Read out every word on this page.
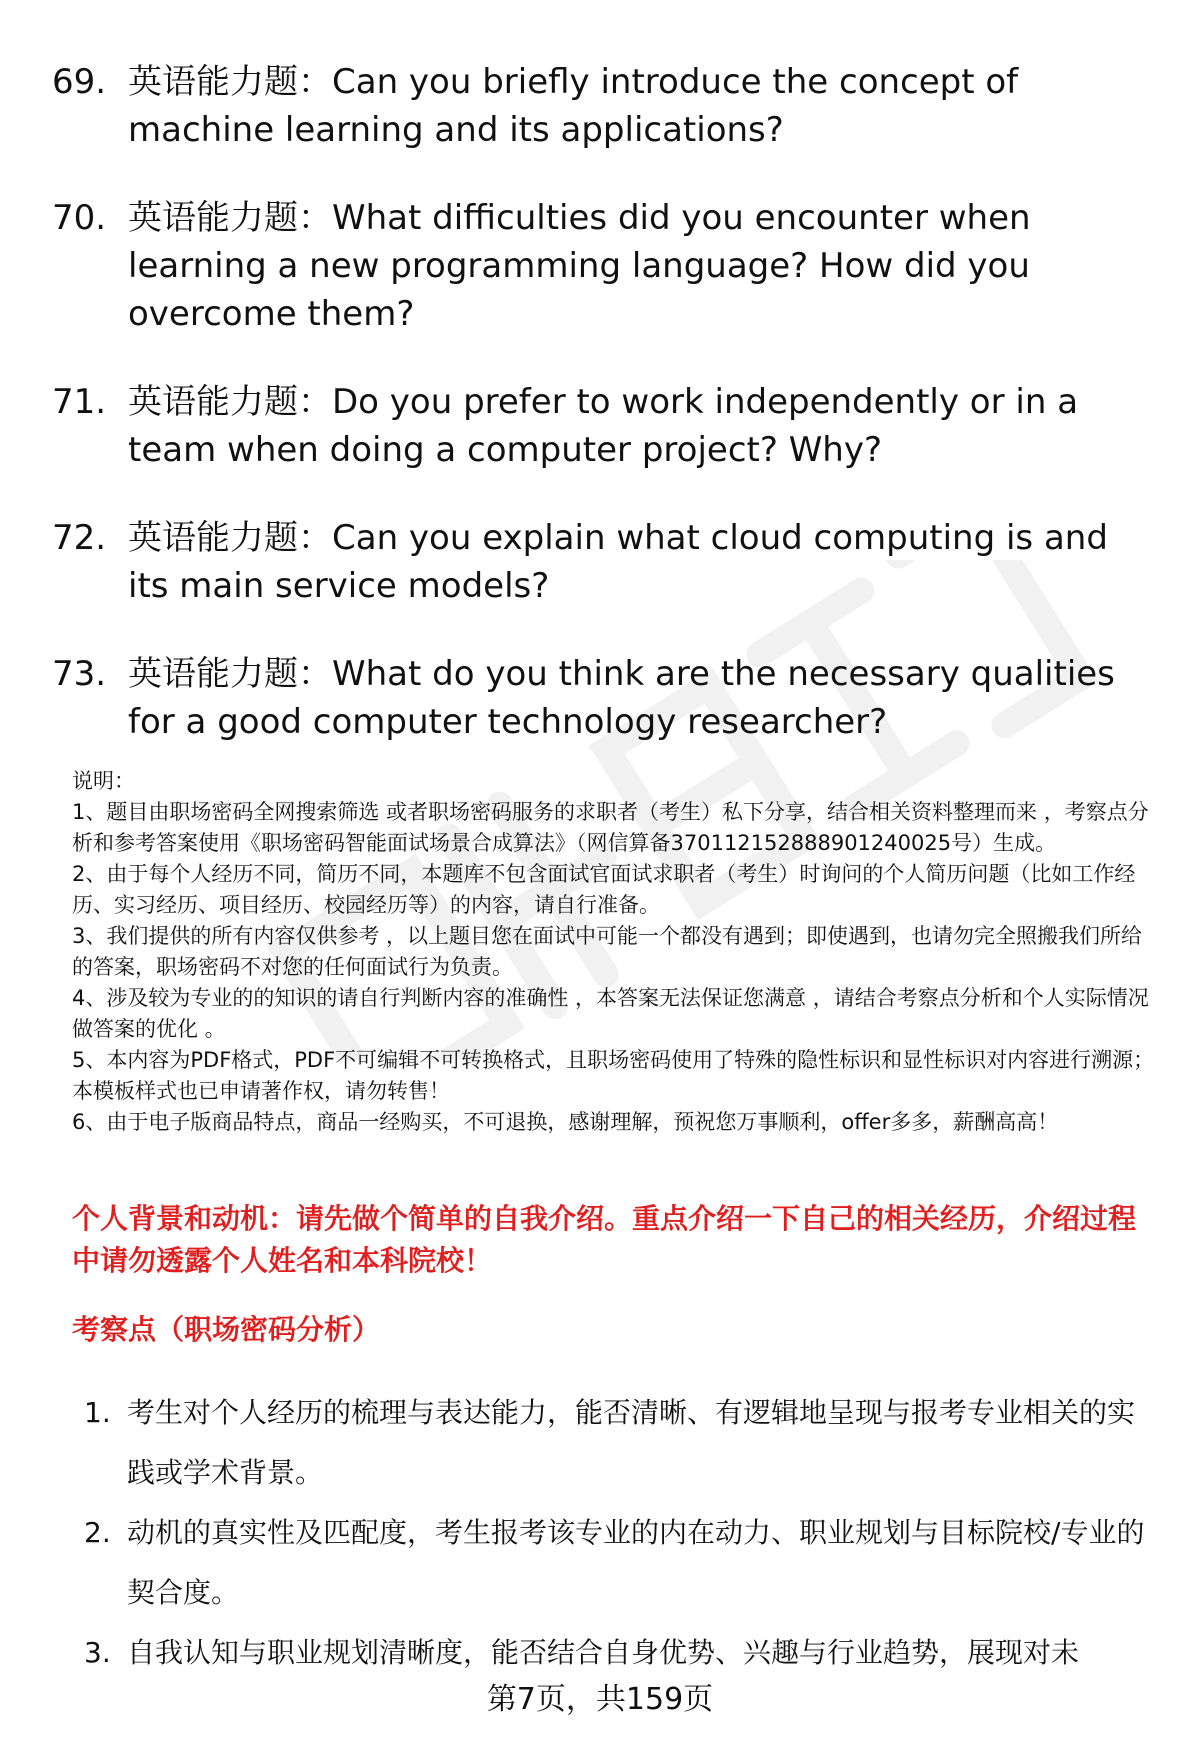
69. 英语能力题：Can you briefly introduce the concept of machine learning and its applications?
70. 英语能力题：What difficulties did you encounter when learning a new programming language? How did you overcome them?
71. 英语能力题：Do you prefer to work independently or in a team when doing a computer project? Why?
72. 英语能力题：Can you explain what cloud computing is and its main service models?
73. 英语能力题：What do you think are the necessary qualities for a good computer technology researcher?

说明：

1、题目由职场密码全网搜索筛选 或者职场密码服务的求职者（考生）私下分享，结合相关资料整理而来 ，考察点分析和参考答案使用《职场密码智能面试场景合成算法》（网信算备370112152888901240025号）生成。

2、由于每个人经历不同，简历不同，本题库不包含面试官面试求职者（考生）时询问的个人简历问题（比如工作经历、实习经历、项目经历、校园经历等）的内容，请自行准备。

3、我们提供的所有内容仅供参考 ，以上题目您在面试中可能一个都没有遇到；即使遇到，也请勿完全照搬我们所给的答案，职场密码不对您的任何面试行为负责。

4、涉及较为专业的的知识的请自行判断内容的准确性 ，本答案无法保证您满意 ，请结合考察点分析和个人实际情况做答案的优化 。

5、本内容为PDF格式，PDF不可编辑不可转换格式，且职场密码使用了特殊的隐性标识和显性标识对内容进行溯源；本模板样式也已申请著作权，请勿转售！

6、由于电子版商品特点，商品一经购买，不可退换，感谢理解，预祝您万事顺利，offer多多，薪酬高高！

个人背景和动机：请先做个简单的自我介绍。重点介绍一下自己的相关经历，介绍过程中请勿透露个人姓名和本科院校！
考察点（职场密码分析）
1. 考生对个人经历的梳理与表达能力，能否清晰、有逻辑地呈现与报考专业相关的实践或学术背景。
2. 动机的真实性及匹配度，考生报考该专业的内在动力、职业规划与目标院校/专业的契合度。
3. 自我认知与职业规划清晰度，能否结合自身优势、兴趣与行业趋势，展现对未
第7页，共159页
